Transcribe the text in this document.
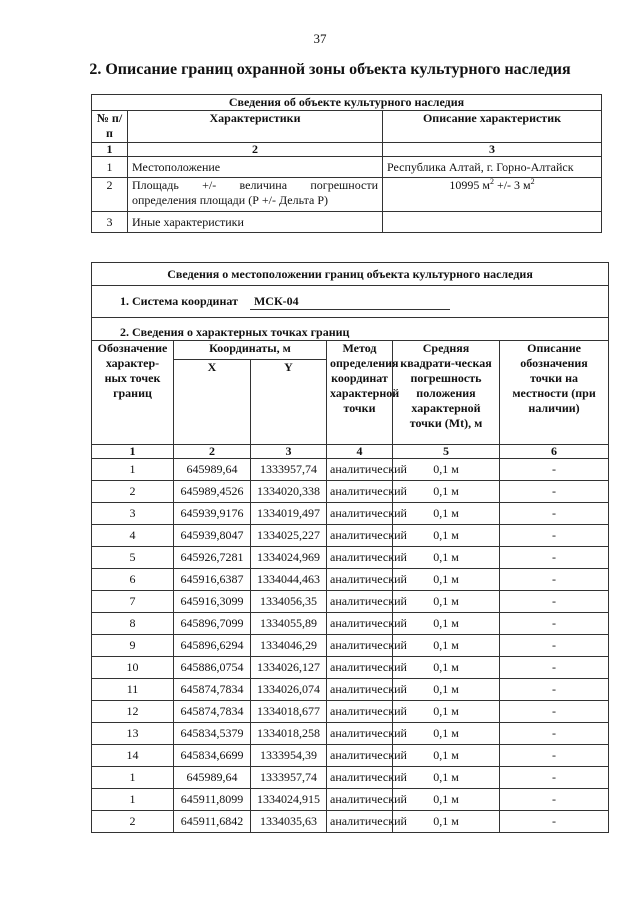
37
2. Описание границ охранной зоны объекта культурного наследия
Сведения об объекте культурного наследия		
№ п/п	Характеристики	Описание характеристик
1	2	3
1	Местоположение	Республика Алтай, г. Горно-Алтайск
2	Площадь +/- величина погрешности
определения площади (Р +/- Дельта Р)	10995 $м^2$ +/- 3 $м^2$
3	Иные характеристики	
Сведения о местоположении границ объекта культурного наследия					
1. Система координат МСК-04					
2. Сведения о характерных точках границ					
Обозначение характер-ных точек границ	Координаты, м		Метод определения координат характерной точки	Средняя квадрати-ческая погрешность положения характерной точки (Mt), м	Описание обозначения точки на местности (при наличии)
	X	Y			
1	2	3	4	5	6
1	645989,64	1333957,74	аналитический	0,1 м	-
2	645989,4526	1334020,338	аналитический	0,1 м	-
3	645939,9176	1334019,497	аналитический	0,1 м	-
4	645939,8047	1334025,227	аналитический	0,1 м	-
5	645926,7281	1334024,969	аналитический	0,1 м	-
6	645916,6387	1334044,463	аналитический	0,1 м	-
7	645916,3099	1334056,35	аналитический	0,1 м	-
8	645896,7099	1334055,89	аналитический	0,1 м	-
9	645896,6294	1334046,29	аналитический	0,1 м	-
10	645886,0754	1334026,127	аналитический	0,1 м	-
11	645874,7834	1334026,074	аналитический	0,1 м	-
12	645874,7834	1334018,677	аналитический	0,1 м	-
13	645834,5379	1334018,258	аналитический	0,1 м	-
14	645834,6699	1333954,39	аналитический	0,1 м	-
1	645989,64	1333957,74	аналитический	0,1 м	-
1	645911,8099	1334024,915	аналитический	0,1 м	-
2	645911,6842	1334035,63	аналитический	0,1 м	-
